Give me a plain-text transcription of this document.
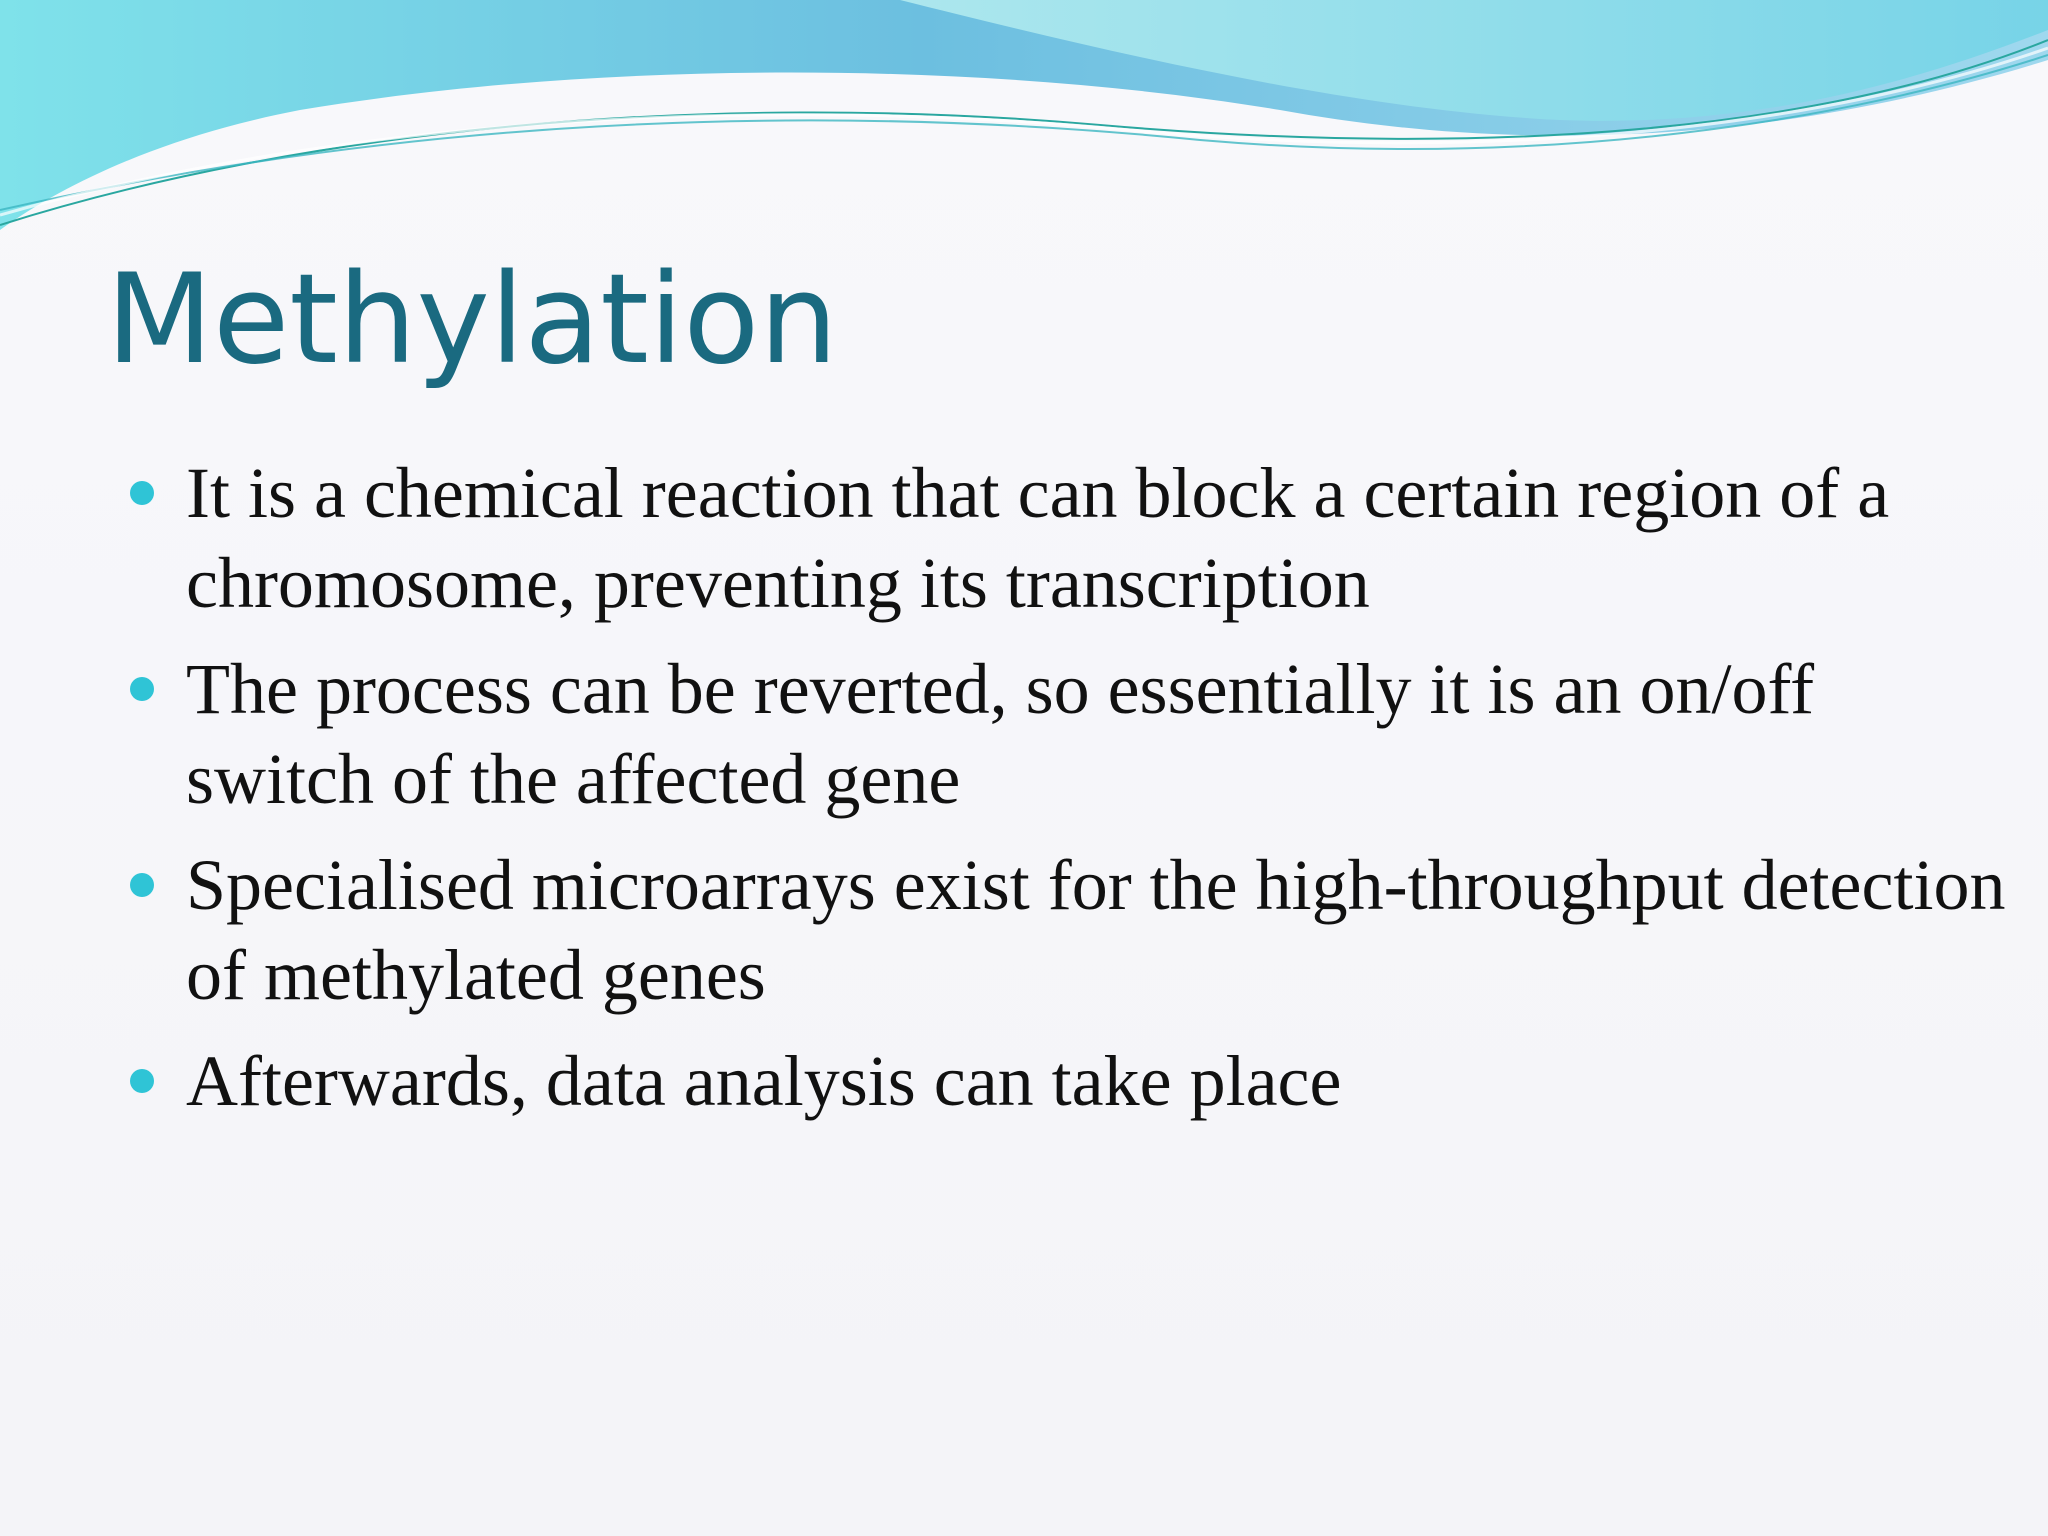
Methylation
It is a chemical reaction that can block a certain region of a chromosome, preventing its transcription
The process can be reverted, so essentially it is an on/off switch of the affected gene
Specialised microarrays exist for the high-throughput detection of methylated genes
Afterwards, data analysis can take place
